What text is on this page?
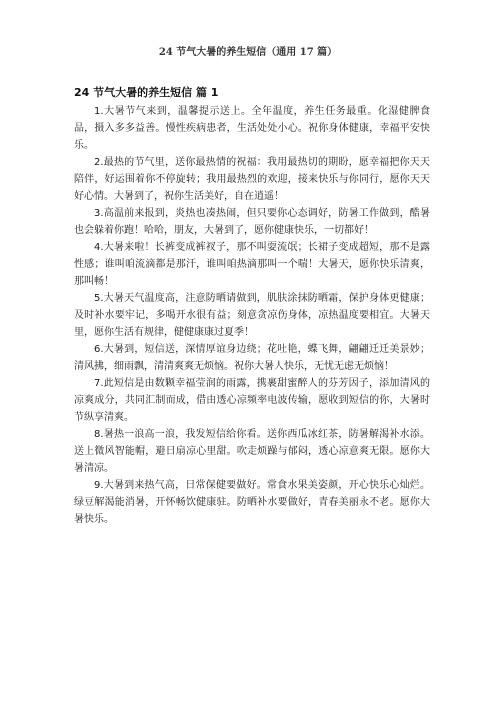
24 节气大暑的养生短信（通用 17 篇）
24 节气大暑的养生短信 篇 1

1.大暑节气来到，温馨提示送上。全年温度，养生任务最重。化湿健脾食品，摄入多多益善。慢性疾病患者，生活处处小心。祝你身体健康，幸福平安快乐。

2.最热的节气里，送你最热情的祝福：我用最热切的期盼，愿幸福把你天天陪伴，好运围着你不停旋转；我用最热烈的欢迎，接来快乐与你同行，愿你天天好心情。大暑到了，祝你生活美好，自在逍遥！

3.高温前来报到，炎热也凑热闹，但只要你心态调好，防暑工作做到，酷暑也会躲着你跑！哈哈，朋友，大暑到了，愿你健康快乐，一切都好！

4.大暑来啦！长裤变成裤衩子，那不叫耍流氓；长裙子变成超短，那不是露性感；谁叫咱流滴都是那汗，谁叫咱热滴那叫一个喘！大暑天，愿你快乐清爽，那叫畅！

5.大暑天气温度高，注意防晒请做到，肌肤涂抹防晒霜，保护身体更健康；及时补水要牢记，多喝开水很有益；刻意贪凉伤身体，凉热温度要相宜。大暑天里，愿你生活有规律，健健康康过夏季！

6.大暑到，短信送，深情厚谊身边绕；花吐艳，蝶飞舞，翩翩迁迁美景妙；清风拂，细雨飘，清清爽爽无烦恼。祝你大暑人快乐，无忧无虑无烦恼！

7.此短信是由数颗幸福莹润的雨露，携裹甜蜜醉人的芬芳因子，添加清风的凉爽成分，共同汇制而成，借由透心凉频率电波传输，愿收到短信的你，大暑时节纵享清爽。

8.暑热一浪高一浪，我发短信给你看。送你西瓜冰红茶，防暑解渴补水添。送上微风智能帽，避日扇凉心里甜。吹走烦躁与郁闷，透心凉意爽无限。愿你大暑清凉。

9.大暑到来热气高，日常保健要做好。常食水果美姿颜，开心快乐心灿烂。绿豆解渴能消暑，开怀畅饮健康驻。防晒补水要做好，青春美丽永不老。愿你大暑快乐。
